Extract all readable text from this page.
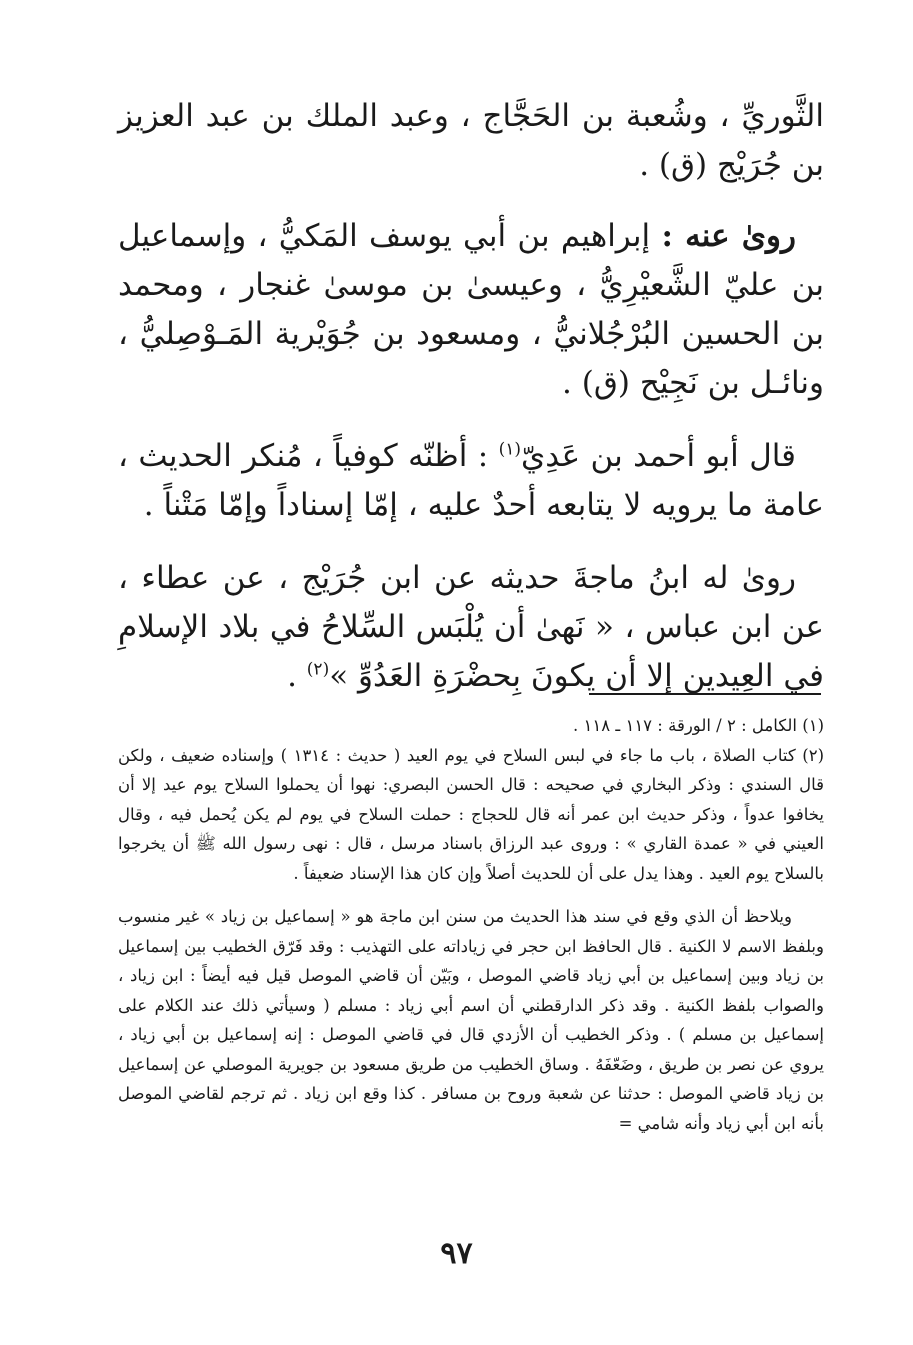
الثَّوريِّ ، وشُعبة بن الحَجَّاج ، وعبد الملك بن عبد العزيز بن جُرَيْج (ق) .

روىٰ عنه : إبراهيم بن أبي يوسف المَكيُّ ، وإسماعيل بن عليّ الشَّعيْرِيُّ ، وعيسىٰ بن موسىٰ غنجار ، ومحمد بن الحسين البُرْجُلانيُّ ، ومسعود بن جُوَيْرية المَـوْصِليُّ ، ونائـل بن نَجِيْح (ق) .

قال أبو أحمد بن عَدِيّ$^{(١)}$ : أظنّه كوفياً ، مُنكر الحديث ، عامة ما يرويه لا يتابعه أحدٌ عليه ، إمّا إسناداً وإمّا مَتْناً .

روىٰ له ابنُ ماجةَ حديثه عن ابن جُرَيْج ، عن عطاء ، عن ابن عباس ، « نَهىٰ أن يُلْبَس السِّلاحُ في بلاد الإسلامِ في العِيدين إلا أن يكونَ بِحضْرَةِ العَدُوِّ »$^{(٢)}$ .

(١) الكامل : ٢ / الورقة : ١١٧ ـ ١١٨ .

(٢) كتاب الصلاة ، باب ما جاء في لبس السلاح في يوم العيد ( حديث : ١٣١٤ ) وإسناده ضعيف ، ولكن قال السندي : وذكر البخاري في صحيحه : قال الحسن البصري: نهوا أن يحملوا السلاح يوم عيد إلا أن يخافوا عدواً ، وذكر حديث ابن عمر أنه قال للحجاج : حملت السلاح في يوم لم يكن يُحمل فيه ، وقال العيني في « عمدة القاري » : وروى عبد الرزاق باسناد مرسل ، قال : نهى رسول الله ﷺ أن يخرجوا بالسلاح يوم العيد . وهذا يدل على أن للحديث أصلاً وإن كان هذا الإسناد ضعيفاً .

ويلاحظ أن الذي وقع في سند هذا الحديث من سنن ابن ماجة هو « إسماعيل بن زياد » غير منسوب وبلفظ الاسم لا الكنية . قال الحافظ ابن حجر في زياداته على التهذيب : وقد فَرّق الخطيب بين إسماعيل بن زياد وبين إسماعيل بن أبي زياد قاضي الموصل ، وبَيّن أن قاضي الموصل قيل فيه أيضاً : ابن زياد ، والصواب بلفظ الكنية . وقد ذكر الدارقطني أن اسم أبي زياد : مسلم ( وسيأتي ذلك عند الكلام على إسماعيل بن مسلم ) . وذكر الخطيب أن الأزدي قال في قاضي الموصل : إنه إسماعيل بن أبي زياد ، يروي عن نصر بن طريق ، وضَعّفَهُ . وساق الخطيب من طريق مسعود بن جويرية الموصلي عن إسماعيل بن زياد قاضي الموصل : حدثنا عن شعبة وروح بن مسافر . كذا وقع ابن زياد . ثم ترجم لقاضي الموصل بأنه ابن أبي زياد وأنه شامي =

٩٧
